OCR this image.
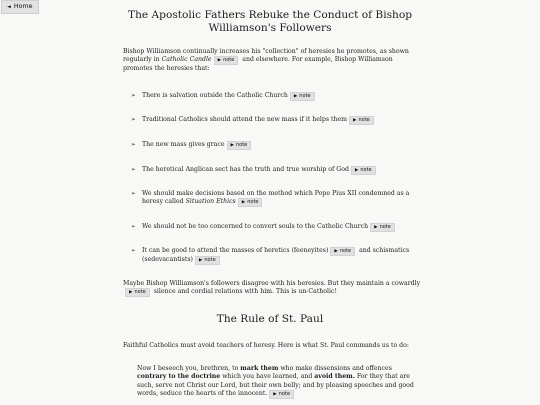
◄ Home
The Apostolic Fathers Rebuke the Conduct of Bishop Williamson's Followers

Bishop Williamson continually increases his "collection" of heresies he promotes, as shown regularly in Catholic Candle ▶ note and elsewhere. For example, Bishop Williamson promotes the heresies that:

➢ There is salvation outside the Catholic Church ▶ note
➢ Traditional Catholics should attend the new mass if it helps them ▶ note
➢ The new mass gives grace ▶ note
➢ The heretical Anglican sect has the truth and true worship of God ▶ note
➢ We should make decisions based on the method which Pope Pius XII condemned as a heresy called Situation Ethics ▶ note
➢ We should not be too concerned to convert souls to the Catholic Church ▶ note
➢ It can be good to attend the masses of heretics (feeneyites) ▶ note and schismatics (sedevacantists) ▶ note

Maybe Bishop Williamson's followers disagree with his heresies. But they maintain a cowardly ▶ note silence and cordial relations with him. This is un-Catholic!

The Rule of St. Paul

Faithful Catholics must avoid teachers of heresy. Here is what St. Paul commands us to do:

Now I beseech you, brethren, to mark them who make dissensions and offences contrary to the doctrine which you have learned, and avoid them. For they that are such, serve not Christ our Lord, but their own belly; and by pleasing speeches and good words, seduce the hearts of the innocent. ▶ note
